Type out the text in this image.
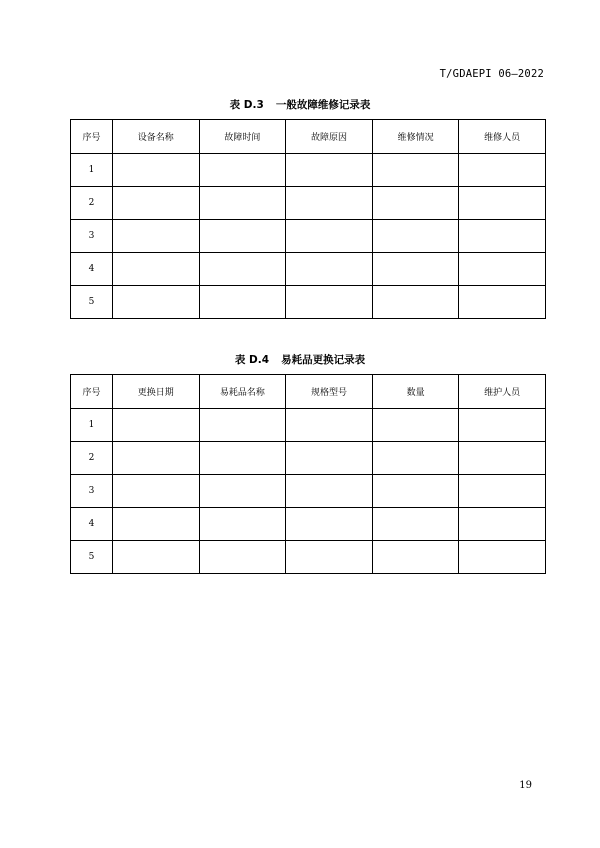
T/GDAEPI 06—2022
表 D.3 一般故障维修记录表
序号	设备名称	故障时间	故障原因	维修情况	维修人员
1					
2					
3					
4					
5					
表 D.4 易耗品更换记录表
序号	更换日期	易耗品名称	规格型号	数量	维护人员
1					
2					
3					
4					
5					
19
